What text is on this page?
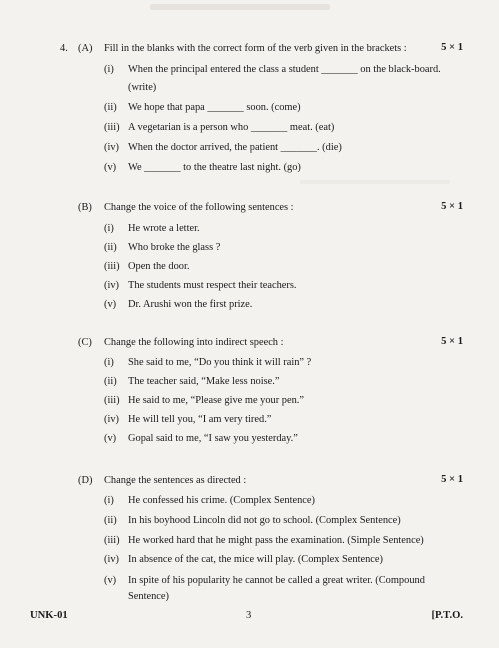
4. (A) Fill in the blanks with the correct form of the verb given in the brackets :	5 × 1
(i) When the principal entered the class a student _______ on the black-board.
(write)
(ii) We hope that papa _______ soon. (come)
(iii) A vegetarian is a person who _______ meat. (eat)
(iv) When the doctor arrived, the patient _______. (die)
(v) We _______ to the theatre last night. (go)
(B) Change the voice of the following sentences :	5 × 1
(i) He wrote a letter.
(ii) Who broke the glass ?
(iii) Open the door.
(iv) The students must respect their teachers.
(v) Dr. Arushi won the first prize.
(C) Change the following into indirect speech :	5 × 1
(i) She said to me, “Do you think it will rain” ?
(ii) The teacher said, “Make less noise.”
(iii) He said to me, “Please give me your pen.”
(iv) He will tell you, “I am very tired.”
(v) Gopal said to me, “I saw you yesterday.”
(D) Change the sentences as directed :	5 × 1
(i) He confessed his crime. (Complex Sentence)
(ii) In his boyhood Lincoln did not go to school. (Complex Sentence)
(iii) He worked hard that he might pass the examination. (Simple Sentence)
(iv) In absence of the cat, the mice will play. (Complex Sentence)
(v) In spite of his popularity he cannot be called a great writer. (Compound
Sentence)
UNK-01	3	[P.T.O.
